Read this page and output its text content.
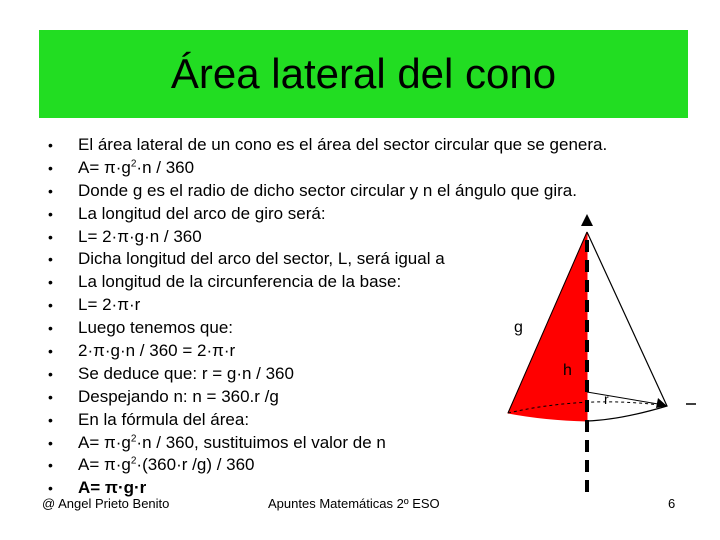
Área lateral del cono
• El área lateral de un cono es el área del sector circular que se genera.
• $A= \pi\cdot g^2\cdot n / 360$
• Donde g es el radio de dicho sector circular y n el ángulo que gira.
• La longitud del arco de giro será:
• L= 2·π·g·n / 360
• Dicha longitud del arco del sector, L, será igual a
• La longitud de la circunferencia de la base:
• L= 2·π·r
• Luego tenemos que:
• 2·π·g·n / 360 = 2·π·r
• Se deduce que: r = g·n / 360
• Despejando n: n = 360.r /g
• En la fórmula del área:
• $A= \pi\cdot g^2\cdot n / 360$, sustituimos el valor de n
• $A= \pi\cdot g^2\cdot(360\cdot r$ /g) / 360
• A= π·g·r
g
h
r
@ Angel Prieto Benito	Apuntes Matemáticas 2º ESO	6
